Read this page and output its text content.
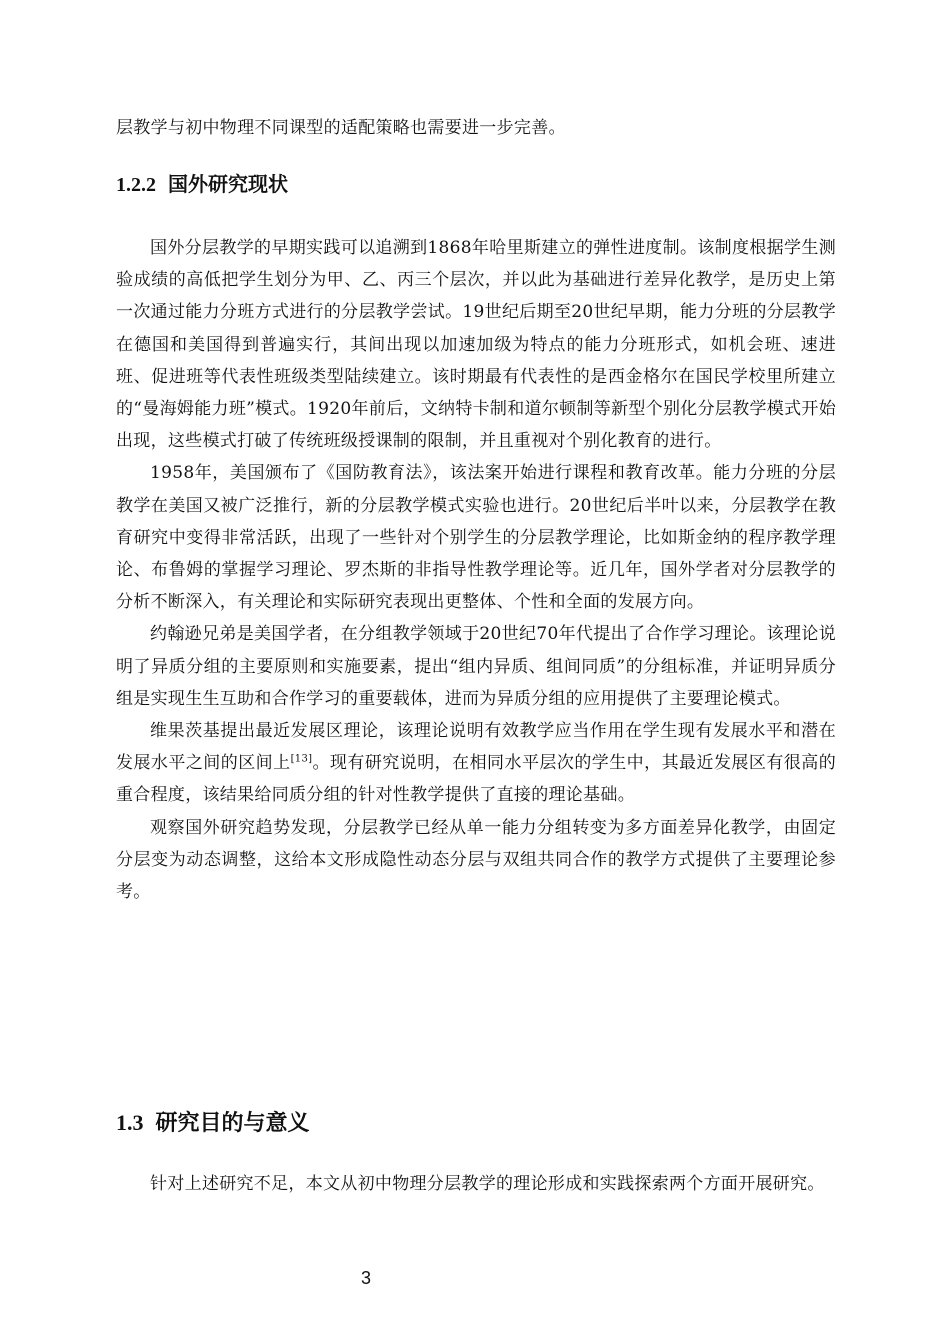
层教学与初中物理不同课型的适配策略也需要进一步完善。

1.2.2 国外研究现状

国外分层教学的早期实践可以追溯到1868年哈里斯建立的弹性进度制。该制度根据学生测验成绩的高低把学生划分为甲、乙、丙三个层次，并以此为基础进行差异化教学，是历史上第一次通过能力分班方式进行的分层教学尝试。19世纪后期至20世纪早期，能力分班的分层教学在德国和美国得到普遍实行，其间出现以加速加级为特点的能力分班形式，如机会班、速进班、促进班等代表性班级类型陆续建立。该时期最有代表性的是西金格尔在国民学校里所建立的“曼海姆能力班”模式。1920年前后，文纳特卡制和道尔顿制等新型个别化分层教学模式开始出现，这些模式打破了传统班级授课制的限制，并且重视对个别化教育的进行。

1958年，美国颁布了《国防教育法》，该法案开始进行课程和教育改革。能力分班的分层教学在美国又被广泛推行，新的分层教学模式实验也进行。20世纪后半叶以来，分层教学在教育研究中变得非常活跃，出现了一些针对个别学生的分层教学理论，比如斯金纳的程序教学理论、布鲁姆的掌握学习理论、罗杰斯的非指导性教学理论等。近几年，国外学者对分层教学的分析不断深入，有关理论和实际研究表现出更整体、个性和全面的发展方向。

约翰逊兄弟是美国学者，在分组教学领域于20世纪70年代提出了合作学习理论。该理论说明了异质分组的主要原则和实施要素，提出“组内异质、组间同质”的分组标准，并证明异质分组是实现生生互助和合作学习的重要载体，进而为异质分组的应用提供了主要理论模式。

维果茨基提出最近发展区理论，该理论说明有效教学应当作用在学生现有发展水平和潜在发展水平之间的区间上[13]。现有研究说明，在相同水平层次的学生中，其最近发展区有很高的重合程度，该结果给同质分组的针对性教学提供了直接的理论基础。

观察国外研究趋势发现，分层教学已经从单一能力分组转变为多方面差异化教学，由固定分层变为动态调整，这给本文形成隐性动态分层与双组共同合作的教学方式提供了主要理论参考。

1.3 研究目的与意义

针对上述研究不足，本文从初中物理分层教学的理论形成和实践探索两个方面开展研究。

3
